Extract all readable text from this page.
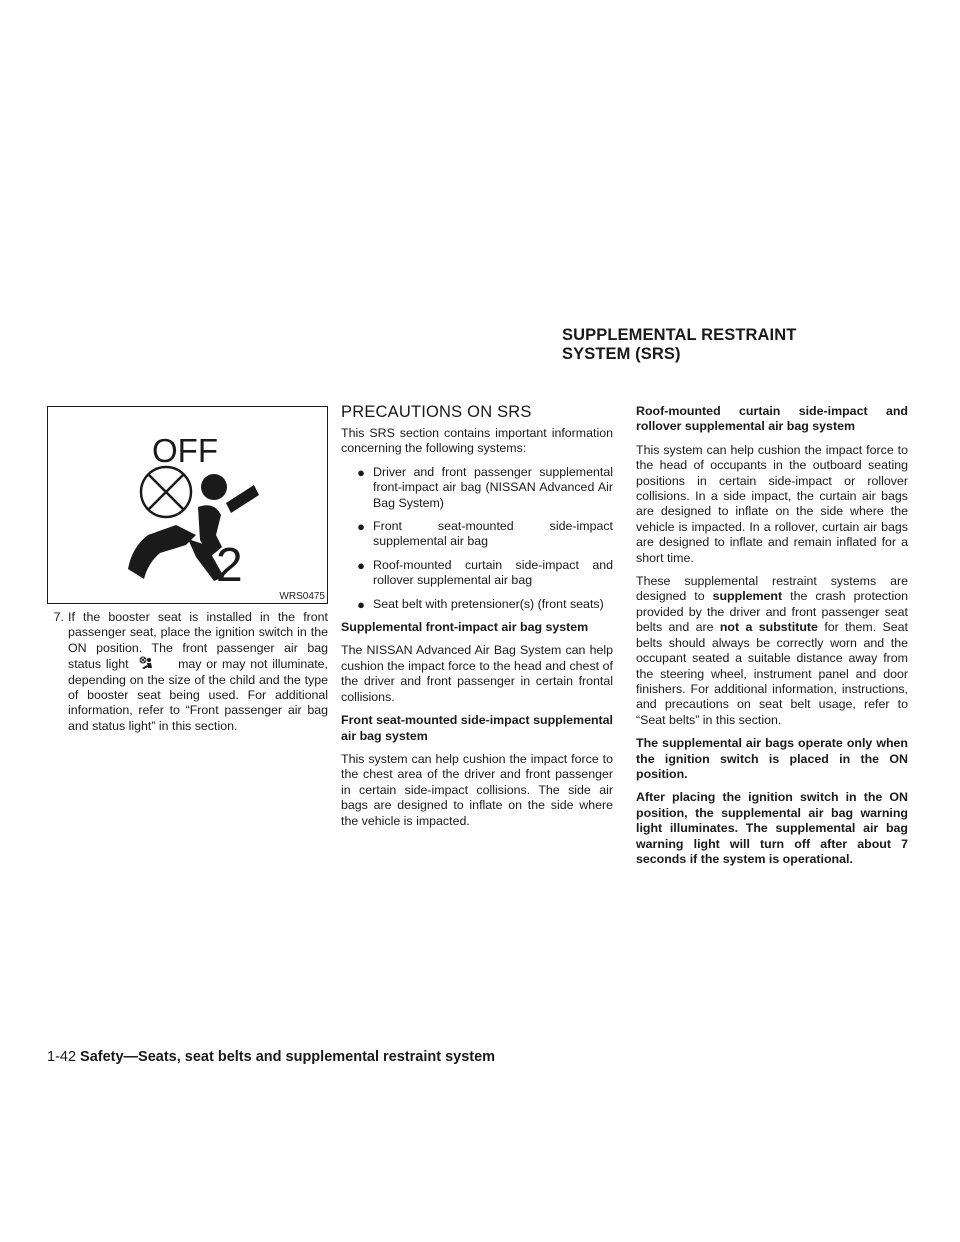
SUPPLEMENTAL RESTRAINT
SYSTEM (SRS)
OFF
2
WRS0475
7. If the booster seat is installed in the front passenger seat, place the ignition switch in the ON position. The front passenger air bag status light	may or may not illuminate, depending on the size of the child and the type of booster seat being used. For additional information, refer to “Front passenger air bag and status light” in this section.
PRECAUTIONS ON SRS

This SRS section contains important information concerning the following systems:

● Driver and front passenger supplemental front-impact air bag (NISSAN Advanced Air Bag System)
● Front seat-mounted side-impact supplemental air bag
● Roof-mounted curtain side-impact and rollover supplemental air bag
● Seat belt with pretensioner(s) (front seats)

Supplemental front-impact air bag system

The NISSAN Advanced Air Bag System can help cushion the impact force to the head and chest of the driver and front passenger in certain frontal collisions.

Front seat-mounted side-impact supplemental air bag system

This system can help cushion the impact force to the chest area of the driver and front passenger in certain side-impact collisions. The side air bags are designed to inflate on the side where the vehicle is impacted.

Roof-mounted curtain side-impact and rollover supplemental air bag system

This system can help cushion the impact force to the head of occupants in the outboard seating positions in certain side-impact or rollover collisions. In a side impact, the curtain air bags are designed to inflate on the side where the vehicle is impacted. In a rollover, curtain air bags are designed to inflate and remain inflated for a short time.

These supplemental restraint systems are designed to supplement the crash protection provided by the driver and front passenger seat belts and are not a substitute for them. Seat belts should always be correctly worn and the occupant seated a suitable distance away from the steering wheel, instrument panel and door finishers. For additional information, instructions, and precautions on seat belt usage, refer to “Seat belts” in this section.

The supplemental air bags operate only when the ignition switch is placed in the ON position.

After placing the ignition switch in the ON position, the supplemental air bag warning light illuminates. The supplemental air bag warning light will turn off after about 7 seconds if the system is operational.

1-42 Safety—Seats, seat belts and supplemental restraint system
